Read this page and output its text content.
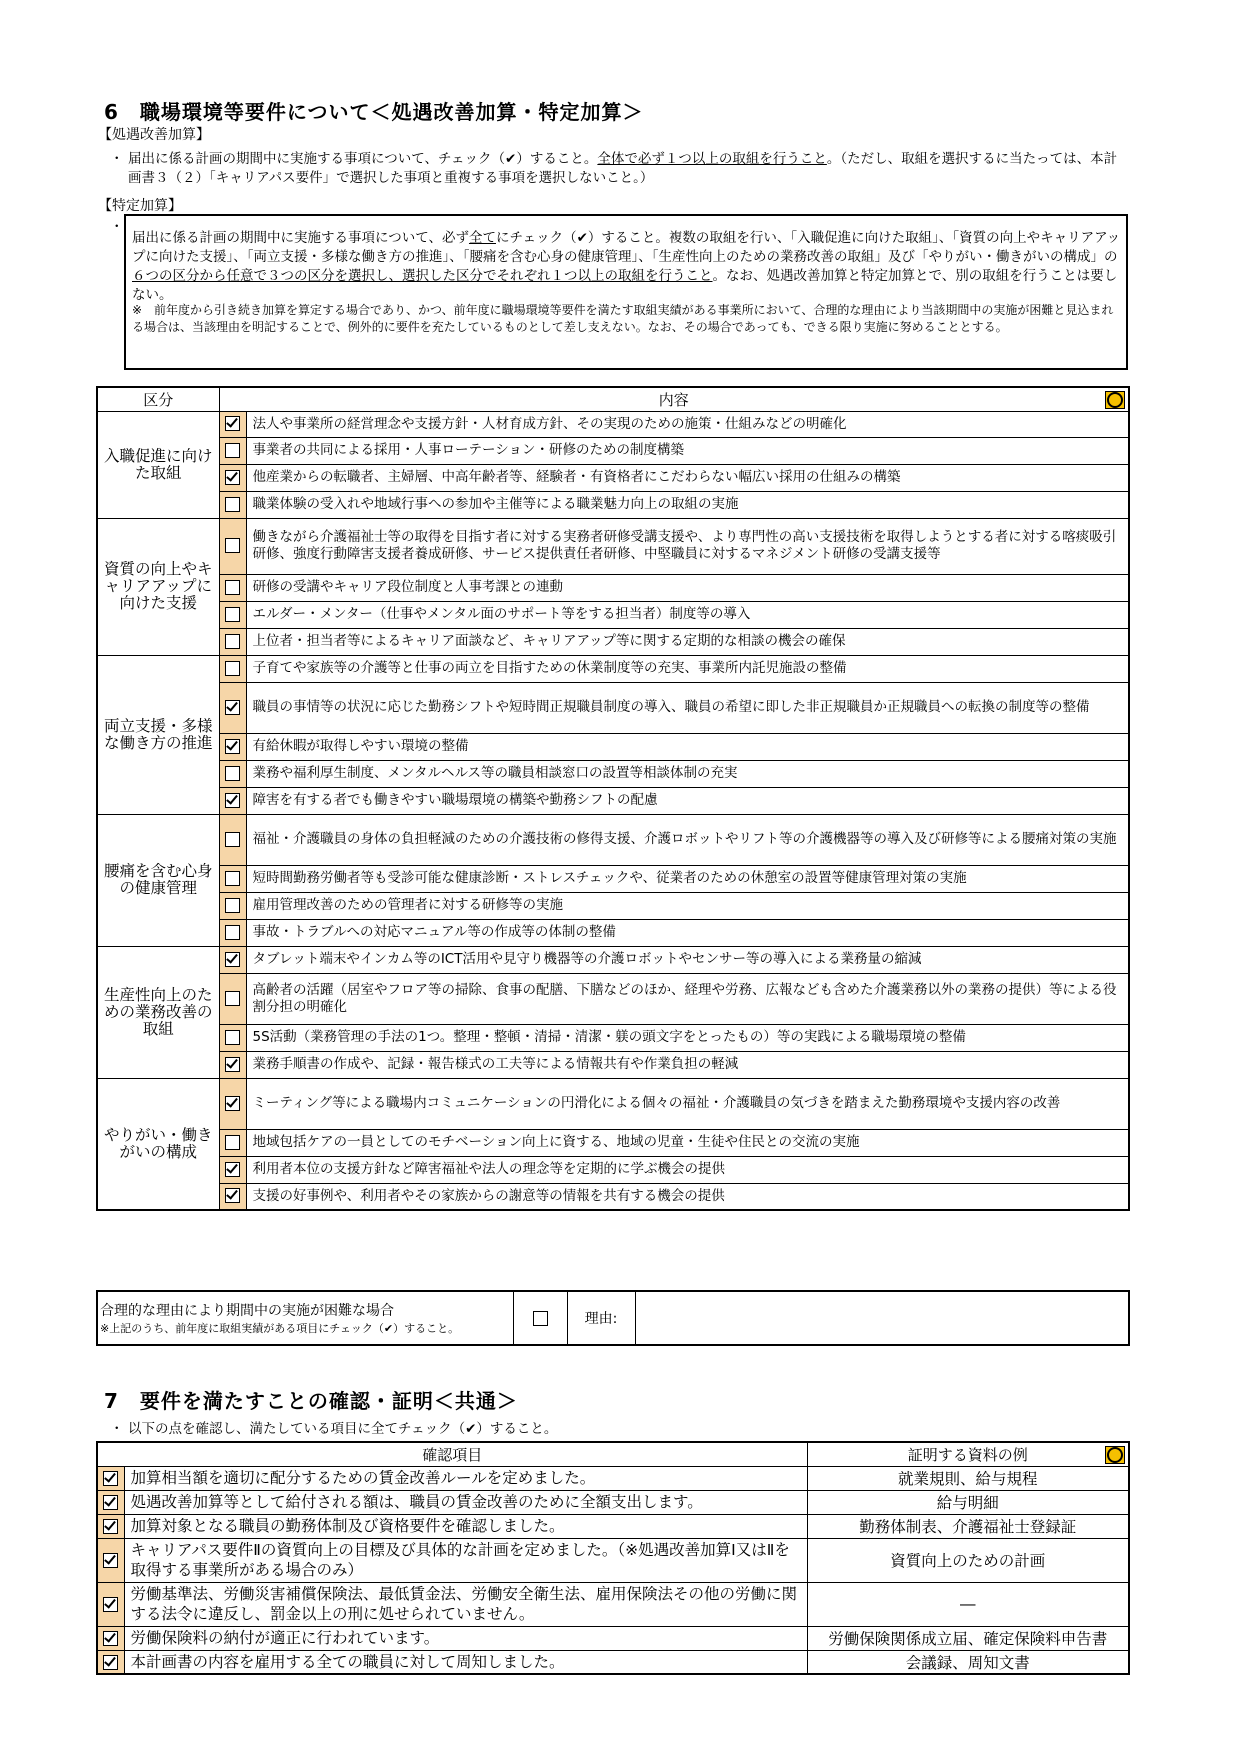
6　職場環境等要件について＜処遇改善加算・特定加算＞
【処遇改善加算】
・ 届出に係る計画の期間中に実施する事項について、チェック（✔）すること。全体で必ず１つ以上の取組を行うこと。（ただし、取組を選択するに当たっては、本計画書３（２）「キャリアパス要件」で選択した事項と重複する事項を選択しないこと。）
【特定加算】
・
届出に係る計画の期間中に実施する事項について、必ず全てにチェック（✔）すること。複数の取組を行い、「入職促進に向けた取組」、「資質の向上やキャリアアップに向けた支援」、「両立支援・多様な働き方の推進」、「腰痛を含む心身の健康管理」、「生産性向上のための業務改善の取組」及び「やりがい・働きがいの構成」の６つの区分から任意で３つの区分を選択し、選択した区分でそれぞれ１つ以上の取組を行うこと。なお、処遇改善加算と特定加算とで、別の取組を行うことは要しない。
※　前年度から引き続き加算を算定する場合であり、かつ、前年度に職場環境等要件を満たす取組実績がある事業所において、合理的な理由により当該期間中の実施が困難と見込まれる場合は、当該理由を明記することで、例外的に要件を充たしているものとして差し支えない。なお、その場合であっても、できる限り実施に努めることとする。
区分	内容	

入職促進に向けた取組		法人や事業所の経営理念や支援方針・人材育成方針、その実現のための施策・仕組みなどの明確化
		事業者の共同による採用・人事ローテーション・研修のための制度構築
		他産業からの転職者、主婦層、中高年齢者等、経験者・有資格者にこだわらない幅広い採用の仕組みの構築
		職業体験の受入れや地域行事への参加や主催等による職業魅力向上の取組の実施
資質の向上やキャリアアップに向けた支援		働きながら介護福祉士等の取得を目指す者に対する実務者研修受講支援や、より専門性の高い支援技術を取得しようとする者に対する喀痰吸引研修、強度行動障害支援者養成研修、サービス提供責任者研修、中堅職員に対するマネジメント研修の受講支援等
		研修の受講やキャリア段位制度と人事考課との連動
		エルダー・メンター（仕事やメンタル面のサポート等をする担当者）制度等の導入
		上位者・担当者等によるキャリア面談など、キャリアアップ等に関する定期的な相談の機会の確保
両立支援・多様な働き方の推進		子育てや家族等の介護等と仕事の両立を目指すための休業制度等の充実、事業所内託児施設の整備
		職員の事情等の状況に応じた勤務シフトや短時間正規職員制度の導入、職員の希望に即した非正規職員か正規職員への転換の制度等の整備
		有給休暇が取得しやすい環境の整備
		業務や福利厚生制度、メンタルヘルス等の職員相談窓口の設置等相談体制の充実
		障害を有する者でも働きやすい職場環境の構築や勤務シフトの配慮
腰痛を含む心身の健康管理		福祉・介護職員の身体の負担軽減のための介護技術の修得支援、介護ロボットやリフト等の介護機器等の導入及び研修等による腰痛対策の実施
		短時間勤務労働者等も受診可能な健康診断・ストレスチェックや、従業者のための休憩室の設置等健康管理対策の実施
		雇用管理改善のための管理者に対する研修等の実施
		事故・トラブルへの対応マニュアル等の作成等の体制の整備
生産性向上のための業務改善の取組		タブレット端末やインカム等のICT活用や見守り機器等の介護ロボットやセンサー等の導入による業務量の縮減
		高齢者の活躍（居室やフロア等の掃除、食事の配膳、下膳などのほか、経理や労務、広報なども含めた介護業務以外の業務の提供）等による役割分担の明確化
		5S活動（業務管理の手法の1つ。整理・整頓・清掃・清潔・躾の頭文字をとったもの）等の実践による職場環境の整備
		業務手順書の作成や、記録・報告様式の工夫等による情報共有や作業負担の軽減
やりがい・働きがいの構成		ミーティング等による職場内コミュニケーションの円滑化による個々の福祉・介護職員の気づきを踏まえた勤務環境や支援内容の改善
		地域包括ケアの一員としてのモチベーション向上に資する、地域の児童・生徒や住民との交流の実施
		利用者本位の支援方針など障害福祉や法人の理念等を定期的に学ぶ機会の提供
		支援の好事例や、利用者やその家族からの謝意等の情報を共有する機会の提供
合理的な理由により期間中の実施が困難な場合
※上記のうち、前年度に取組実績がある項目にチェック（✔）すること。
		理由:	
7　要件を満たすことの確認・証明＜共通＞
・ 以下の点を確認し、満たしている項目に全てチェック（✔）すること。
確認項目		証明する資料の例

	加算相当額を適切に配分するための賃金改善ルールを定めました。	就業規則、給与規程
	処遇改善加算等として給付される額は、職員の賃金改善のために全額支出します。	給与明細
	加算対象となる職員の勤務体制及び資格要件を確認しました。	勤務体制表、介護福祉士登録証
	キャリアパス要件Ⅱの資質向上の目標及び具体的な計画を定めました。（※処遇改善加算Ⅰ又はⅡを取得する事業所がある場合のみ）	資質向上のための計画
	労働基準法、労働災害補償保険法、最低賃金法、労働安全衛生法、雇用保険法その他の労働に関する法令に違反し、罰金以上の刑に処せられていません。	―
	労働保険料の納付が適正に行われています。	労働保険関係成立届、確定保険料申告書
	本計画書の内容を雇用する全ての職員に対して周知しました。	会議録、周知文書
